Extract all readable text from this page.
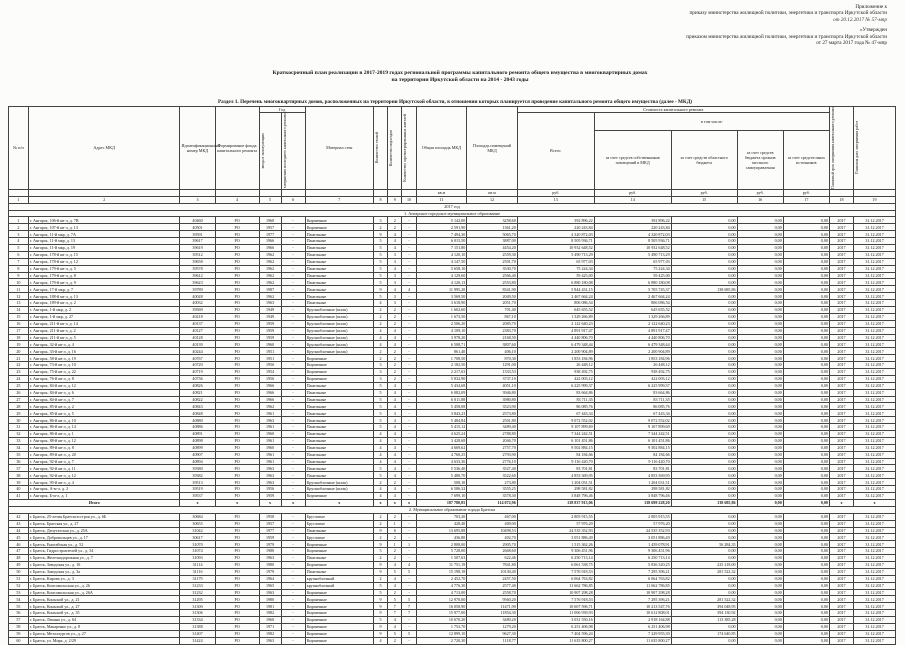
Приложение к
приказу министерства жилищной политики, энергетики и транспорта Иркутской области
от 20.12.2017 № 57-мпр
«Утвержден
приказом министерства жилищной политики, энергетики и транспорта Иркутской области
от 27 марта 2017 года № 47-мпр
Краткосрочный план реализации в 2017-2019 годах региональной программы капитального ремонта общего имущества в многоквартирных домах
на территории Иркутской области на 2014 - 2043 годы
Раздел 1. Перечень многоквартирных домов, расположенных на территории Иркутской области, в отношении которых планируется проведение капитального ремонта общего имущества (далее - МКД)
№ п/п	Адрес МКД	Идентификационный номер МКД	Формирование фонда капитального ремонта	Год		Материал стен	Количество этажей	Количество подъездов	Количество зарегистрированных жителей	Общая площадь МКД	Площадь помещений МКД	Стоимость капитального ремонта					Плановый срок завершения капитального ремонта	Плановая дата завершения работ

				ввода в эксплуатацию	завершения последнего капитального ремонта							Всего:	в том числе:					
													за счет средств собственников помещений в МКД	за счет средств областного бюджета	за счет средств бюджета органов местного самоуправления	за счет средств иных источников		
										кв.м	кв.м	руб.	руб.	руб.	руб.	руб.		
1	2	3	4	5	6	7	8	9	10	11	12	13	14	15	16	17	18	19
2017 год																		
1. Ангарское городское муниципальное образование																		
1	г. Ангарск, 106-й кв-л, д. 7В	40460	РО	1960	-	Кирпичные	3	2	-	5 142,00	3258,60	392 896,22	392 896,22	0,00	0,00	0,00	2017	31.12.2017
2	г. Ангарск, 107-й кв-л, д. 13	40501	РО	1957	-	Кирпичные	2	2	-	2 591,90	1361,20	220 243,84	220 243,84	0,00	0,00	0,00	2017	31.12.2017
3	г. Ангарск, 11-й мкр, д. 7А	39591	РО	1977	-	Панельные	9	4	-	7 494,30	5065,70	4 320 872,03	4 320 872,03	0,00	0,00	0,00	2017	31.12.2017
4	г. Ангарск, 11-й мкр, д. 13	39617	РО	1966	-	Панельные	5	4	-	6 015,50	3887,00	8 505 936,71	8 505 936,71	0,00	0,00	0,00	2017	31.12.2017
5	г. Ангарск, 11-й мкр, д. 19	39619	РО	1966	-	Панельные	5	4	-	7 151,80	4454,20	10 932 648,52	10 932 648,52	0,00	0,00	0,00	2017	31.12.2017
6	г. Ангарск, 178-й кв-л, д. 15	39512	РО	1962	-	Панельные	5	3	-	4 120,10	2559,30	5 490 713,29	5 490 713,29	0,00	0,00	0,00	2017	31.12.2017
7	г. Ангарск, 178-й кв-л, д. 12	39658	РО	1962	-	Панельные	5	3	-	4 147,50	2591,70	65 977,03	65 977,03	0,00	0,00	0,00	2017	31.12.2017
8	г. Ангарск, 179-й кв-л, д. 5	39578	РО	1962	-	Панельные	5	4	-	5 658,10	3530,70	75 224,34	75 224,34	0,00	0,00	0,00	2017	31.12.2017
9	г. Ангарск, 179-й кв-л, д. 8	39612	РО	1962	-	Панельные	5	3	-	4 129,60	2566,40	59 425,00	59 425,00	0,00	0,00	0,00	2017	31.12.2017
10	г. Ангарск, 179-й кв-л, д. 9	39623	РО	1962	-	Панельные	5	3	-	4 120,13	2553,80	6 880 180,08	6 880 180,08	0,00	0,00	0,00	2017	31.12.2017
11	г. Ангарск, 17-й мкр, д. 7	39789	РО	1987	-	Панельные	9	4	4	11 995,20	8341,90	5 844 431,15	5 705 745,37	138 685,86	0,00	0,00	2017	31.12.2017
12	г. Ангарск, 188-й кв-л, д. 13	40028	РО	1962	-	Панельные	5	3	-	3 569,50	2049,50	2 467 664,24	2 467 664,24	0,00	0,00	0,00	2017	31.12.2017
13	г. Ангарск, 189-й кв-л, д. 2	40032	РО	1963	-	Панельные	4	3	-	3 618,90	2051,70	806 086,54	806 086,54	0,00	0,00	0,00	2017	31.12.2017
14	г. Ангарск, 1-й мкр, д. 2	39569	РО	1949	-	Крупноблочные (шлак)	2	2	-	1 602,60	701,40	645 655,52	645 655,52	0,00	0,00	0,00	2017	31.12.2017
15	г. Ангарск, 1-й мкр, д. 27	40218	РО	1949	-	Крупноблочные (шлак)	2	2	-	1 673,50	867,10	1 329 266,89	1 329 266,89	0,00	0,00	0,00	2017	31.12.2017
16	г. Ангарск, 211-й кв-л, д. 14	40137	РО	1959	-	Крупноблочные (шлак)	2	2	-	2 506,20	2085,70	2 122 640,23	2 122 640,23	0,00	0,00	0,00	2017	31.12.2017
17	г. Ангарск, 211-й кв-л, д. 2	40127	РО	1959	-	Крупноблочные (шлак)	4	4	-	4 109,10	2383,70	4 891 917,47	4 891 917,47	0,00	0,00	0,00	2017	31.12.2017
18	г. Ангарск, 211-й кв-л, д. 5	40128	РО	1959	-	Крупноблочные (шлак)	4	4	-	3 978,20	2168,50	4 440 806,70	4 440 806,70	0,00	0,00	0,00	2017	31.12.2017
19	г. Ангарск, 32-й кв-л, д. 4	40139	РО	1960	-	Крупноблочные (шлак)	4	4	-	6 508,71	3807,60	6 479 348,44	6 479 348,44	0,00	0,00	0,00	2017	31.12.2017
20	г. Ангарск, 33-й кв-л, д. 16	40244	РО	1951	-	Крупноблочные (шлак)	2	2	-	861,40	406,10	2 200 904,89	2 200 904,89	0,00	0,00	0,00	2017	31.12.2017
21	г. Ангарск, 58-й кв-л, д. 19	40767	РО	1951	-	Кирпичные	2	2	-	1 708,50	870,30	1 853 184,96	1 853 184,96	0,00	0,00	0,00	2017	31.12.2017
22	г. Ангарск, 73-й кв-л, д. 10	40720	РО	1956	-	Кирпичные	3	2	-	2 182,50	1291,00	26 448,12	26 448,12	0,00	0,00	0,00	2017	31.12.2017
23	г. Ангарск, 75-й кв-л, д. 22	40719	РО	1954	-	Кирпичные	3	2	-	2 217,63	1333,53	938 492,75	938 492,75	0,00	0,00	0,00	2017	31.12.2017
24	г. Ангарск, 76-й кв-л, д. 8	40736	РО	1956	-	Кирпичные	3	2	-	5 832,90	3737,10	422 003,12	422 003,12	0,00	0,00	0,00	2017	31.12.2017
25	г. Ангарск, 84-й кв-л, д. 12	40826	РО	1966	-	Панельные	5	4	-	5 434,68	4051,10	6 225 999,37	6 225 999,37	0,00	0,00	0,00	2017	31.12.2017
26	г. Ангарск, 84-й кв-л, д. 6	40821	РО	1966	-	Панельные	5	4	-	6 082,09	3946,80	83 664,86	83 664,86	0,00	0,00	0,00	2017	31.12.2017
27	г. Ангарск, 84-й кв-л, д. 7	40822	РО	1966	-	Панельные	5	4	-	6 011,88	3980,80	83 711,35	83 711,35	0,00	0,00	0,00	2017	31.12.2017
28	г. Ангарск, 85-й кв-л, д. 2	40843	РО	1962	-	Панельные	5	4	-	5 458,08	3523,90	86 085,76	86 085,76	0,00	0,00	0,00	2017	31.12.2017
29	г. Ангарск, 85-й кв-л, д. 5	40848	РО	1961	-	Панельные	5	3	-	3 843,23	2573,80	67 443,34	67 443,34	0,00	0,00	0,00	2017	31.12.2017
30	г. Ангарск, 86-й кв-л, д. 10	40880	РО	1963	-	Панельные	5	4	-	5 484,84	2501,80	9 072 552,02	9 072 552,02	0,00	0,00	0,00	2017	31.12.2017
31	г. Ангарск, 86-й кв-л, д. 14	40886	РО	1961	-	Панельные	5	4	-	5 415,12	3489,40	9 107 899,69	9 107 899,69	0,00	0,00	0,00	2017	31.12.2017
32	г. Ангарск, 86-й кв-л, д. 1	40891	РО	1960	-	Панельные	4	4	-	4 625,24	2788,80	7 344 242,51	7 344 242,51	0,00	0,00	0,00	2017	31.12.2017
33	г. Ангарск, 88-й кв-л, д. 12	40898	РО	1961	-	Панельные	4	3	-	3 428,68	2046,70	6 101 451,86	6 101 451,86	0,00	0,00	0,00	2017	31.12.2017
34	г. Ангарск, 89-й кв-л, д. 8	40899	РО	1960	-	Панельные	4	4	-	4 669,62	2757,70	9 502 884,15	9 502 884,15	0,00	0,00	0,00	2017	31.12.2017
35	г. Ангарск, 89-й кв-л, д. 20	40907	РО	1961	-	Панельные	4	4	-	4 760,25	2793,90	84 184,66	84 184,66	0,00	0,00	0,00	2017	31.12.2017
36	г. Ангарск, 92-й кв-л, д. 7	40894	РО	1961	-	Панельные	4	4	-	4 633,36	2776,10	9 116 420,70	9 116 420,70	0,00	0,00	0,00	2017	31.12.2017
37	г. Ангарск, 92-й кв-л, д. 11	39380	РО	1963	-	Панельные	5	4	-	5 536,40	3527,40	83 701,81	83 701,81	0,00	0,00	0,00	2017	31.12.2017
38	г. Ангарск, 92-й кв-л, д. 12	39382	РО	1963	-	Панельные	5	4	-	5 480,70	3522,60	4 853 369,95	4 853 369,95	0,00	0,00	0,00	2017	31.12.2017
39	г. Ангарск, 95-й кв-л, д. 4	39513	РО	1963	-	Крупноблочные (шлак)	2	2	-	508,10	273,80	1 204 031,51	1 204 031,51	0,00	0,00	0,00	2017	31.12.2017
40	г. Ангарск, А-м-л, д. 2	39519	РО	1956	-	Крупноблочные (шлак)	4	4	-	6 586,32	3555,25	298 581,82	298 581,82	0,00	0,00	0,00	2017	31.12.2017
41	г. Ангарск, Б-м-л, д. 1	39537	РО	1959	-	Кирпичные	4	4	-	7 699,10	3578,30	3 848 796,46	3 848 796,46	0,00	0,00	0,00	2017	31.12.2017
Итого		x	x	x	x	x	x	x	x	187 780,85	114 072,96	138 837 913,06	138 699 228,20	138 685,86	0,00	0,00	x	x
2. Муниципальное образование города Братска																		
42	г. Братск, 25-летия Братскгэсстроя ул., д. 6Б	30684	РО	1958	-	Брусчатые	2	2	-	703,20	467,00	2 805 915,55	2 805 915,55	0,00	0,00	0,00	2017	31.12.2017
43	г. Братск, Братская ул., д. 27	30655	РО	1957	-	Брусчатые	2	1	-	428,40	409,00	57 976,20	57 976,20	0,00	0,00	0,00	2017	31.12.2017
44	г. Братск, Депутатская ул., д. 25А	31042	РО	1977	-	Панельные	9	6	-	13 695,88	10498,53	24 535 352,93	24 535 352,93	0,00	0,00	0,00	2017	31.12.2017
45	г. Братск, Добровольцев ул., д. 17	30617	РО	1959	-	Брусчатые	2	2	-	436,80	402,70	3 051 886,49	3 051 886,49	0,00	0,00	0,00	2017	31.12.2017
46	г. Братск, Енисейская ул., д. 52	31070	РО	1979	-	Кирпичные	9	1	1	2 808,00	2905,70	1 515 362,26	1 459 078,91	56 284,35	0,00	0,00	2017	31.12.2017
47	г. Братск, Гидростроителей ул., д. 54	31074	РО	1980	-	Кирпичные	5	2	-	5 728,00	2668,60	9 306 451,96	9 306 451,96	0,00	0,00	0,00	2017	31.12.2017
48	г. Братск, Железнодорожная ул., д. 7	31093	РО	1963	-	Панельные	2	2	-	1 507,63	622,46	6 250 713,14	6 250 713,14	0,00	0,00	0,00	2017	31.12.2017
49	г. Братск, Заводская ул., д. 16	31114	РО	1980	-	Кирпичные	9	4	4	11 751,19	7841,80	6 061 538,75	5 836 320,25	225 218,00	0,00	0,00	2017	31.12.2017
50	г. Братск, Заводская ул., д. 3а	31116	РО	1979	-	Панельные	9	5	5	15 198,18	10130,40	7 576 918,53	7 295 396,21	281 522,32	0,00	0,00	2017	31.12.2017
51	г. Братск, Кирова ул., д. 3	31179	РО	1964	-	крупноблочный	2	4	-	2 452,70	2457,50	6 064 763,82	6 064 763,82	0,00	0,00	0,00	2017	31.12.2017
52	г. Братск, Комсомольская ул., д. 26	31233	РО	1965	-	крупноблочный	5	4	-	4 776,30	2577,40	11 662 786,85	11 662 786,85	0,00	0,00	0,00	2017	31.12.2017
53	г. Братск, Комсомольская ул., д. 26А	31232	РО	1963	-	Кирпичные	5	2	-	4 713,00	2558,70	10 907 298,28	10 907 298,28	0,00	0,00	0,00	2017	31.12.2017
54	г. Братск, Коньской ул., д. 21	31295	РО	1980	-	Кирпичные	9	5	5	12 970,00	9560,20	7 576 918,53	7 295 396,21	281 522,32	0,00	0,00	2017	31.12.2017
55	г. Братск, Коньской ул., д. 27	31300	РО	1981	-	Кирпичные	9	7	7	16 058,90	11471,90	10 607 596,71	10 213 547,76	394 048,95	0,00	0,00	2017	31.12.2017
56	г. Братск, Коньской ул., д. 35	31306	РО	1982	-	Кирпичные	9	7	7	15 977,00	11854,30	11 006 939,93	10 612 808,01	394 130,92	0,00	0,00	2017	31.12.2017
57	г. Братск, Ленина ул., д. 64	31334	РО	1960	-	Кирпичные	5	4	-	10 670,20	3480,20	3 031 550,16	2 918 164,88	113 385,28	0,00	0,00	2017	31.12.2017
58	г. Братск, Макаренко ул., д. 8	31388	РО	1971	-	Кирпичные	9	4	-	1 753,70	1279,20	6 251 406,98	6 251 406,98	0,00	0,00	0,00	2017	31.12.2017
59	г. Братск, Металлургов ул., д. 27	31407	РО	1982	-	Кирпичные	9	5	5	12 899,10	9627,30	7 404 596,24	7 229 955,39	174 640,85	0,00	0,00	2017	31.12.2017
60	г. Братск, ул. Мира, д. 2/29	31424	РО	1963	-	Кирпичные	4	2	-	2 720,30	1118,77	11 635 800,27	11 635 800,27	0,00	0,00	0,00	2017	31.12.2017
